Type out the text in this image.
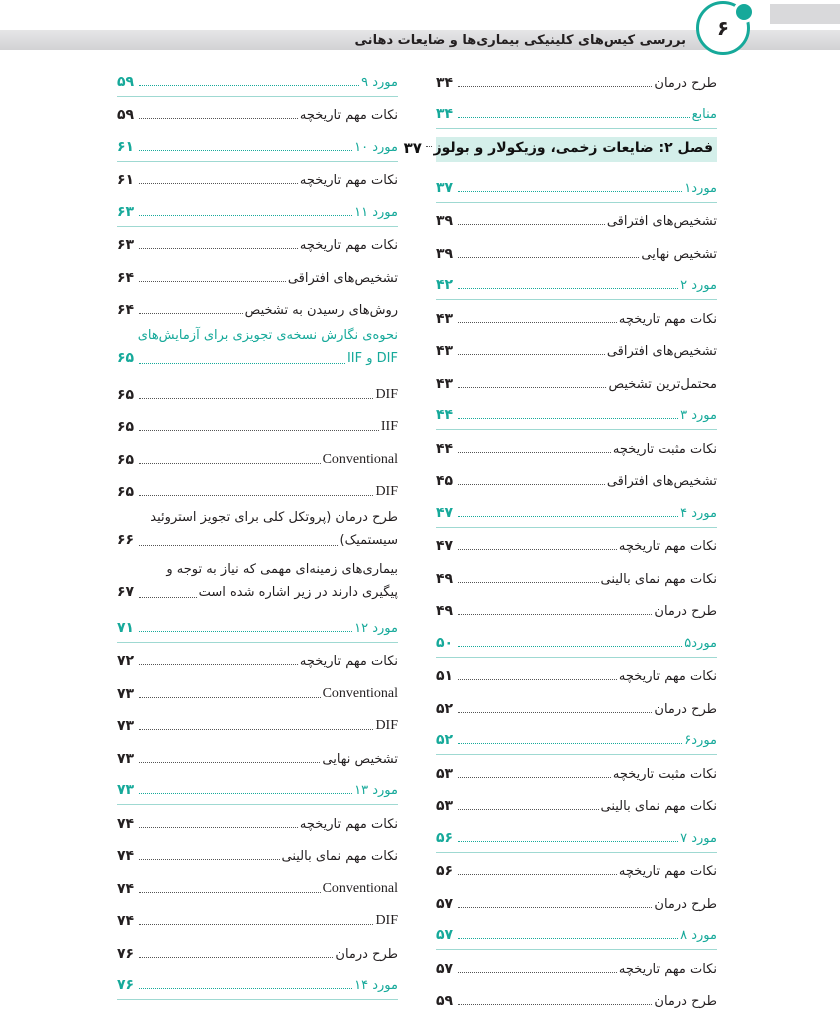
بررسی کیس‌های کلینیکی بیماری‌ها و ضایعات دهانی
۶
طرح درمان
۳۴
منابع
۳۴
فصل ۲: ضایعات زخمی، وزیکولار و بولوز
۳۷
مورد۱
۳۷
تشخیص‌های افتراقی
۳۹
تشخیص نهایی
۳۹
مورد ۲
۴۲
نکات مهم تاریخچه
۴۳
تشخیص‌های افتراقی
۴۳
محتمل‌ترین تشخیص
۴۳
مورد ۳
۴۴
نکات مثبت تاریخچه
۴۴
تشخیص‌های افتراقی
۴۵
مورد ۴
۴۷
نکات مهم تاریخچه
۴۷
نکات مهم نمای بالینی
۴۹
طرح درمان
۴۹
مورد۵
۵۰
نکات مهم تاریخچه
۵۱
طرح درمان
۵۲
مورد۶
۵۲
نکات مثبت تاریخچه
۵۳
نکات مهم نمای بالینی
۵۳
مورد ۷
۵۶
نکات مهم تاریخچه
۵۶
طرح درمان
۵۷
مورد ۸
۵۷
نکات مهم تاریخچه
۵۷
طرح درمان
۵۹
مورد ۹
۵۹
نکات مهم تاریخچه
۵۹
مورد ۱۰
۶۱
نکات مهم تاریخچه
۶۱
مورد ۱۱
۶۳
نکات مهم تاریخچه
۶۳
تشخیص‌های افتراقی
۶۴
روش‌های رسیدن به تشخیص
۶۴
نحوه‌ی نگارش نسخه‌ی تجویزی برای آزمایش‌های
DIF و IIF
۶۵
DIF
۶۵
IIF
۶۵
Conventional
۶۵
DIF
۶۵
طرح درمان (پروتکل کلی برای تجویز استروئید
سیستمیک)
۶۶
بیماری‌های زمینه‌ای مهمی که نیاز به توجه و
پیگیری دارند در زیر اشاره شده است
۶۷
مورد ۱۲
۷۱
نکات مهم تاریخچه
۷۲
Conventional
۷۳
DIF
۷۳
تشخیص نهایی
۷۳
مورد ۱۳
۷۳
نکات مهم تاریخچه
۷۴
نکات مهم نمای بالینی
۷۴
Conventional
۷۴
DIF
۷۴
طرح درمان
۷۶
مورد ۱۴
۷۶
